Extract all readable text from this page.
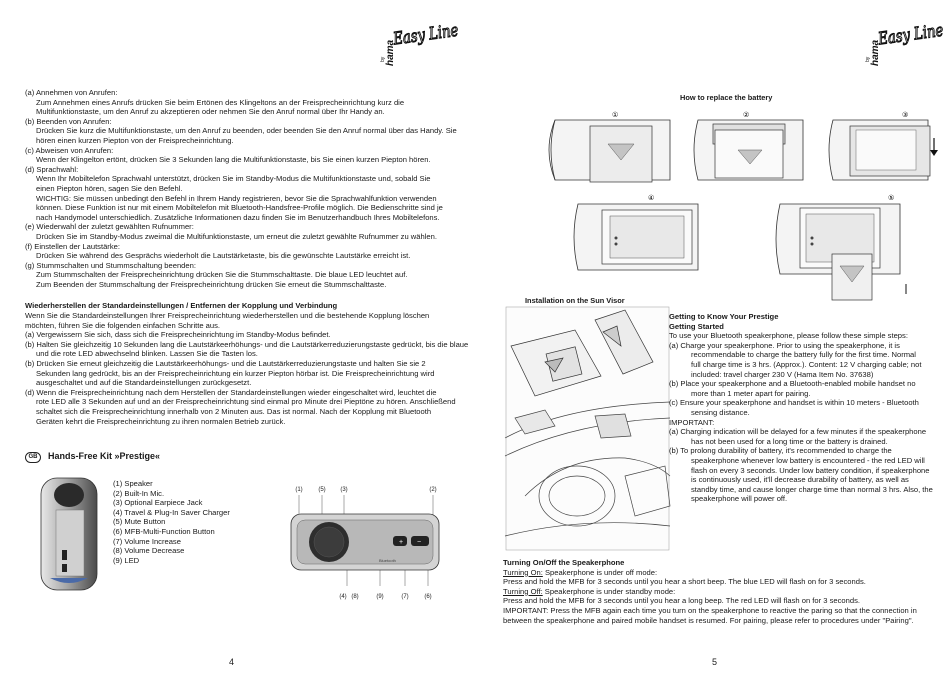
by hama
Easy Line
(a) Annehmen von Anrufen:
Zum Annehmen eines Anrufs drücken Sie beim Ertönen des Klingeltons an der Freisprecheinrichtung kurz die
Multifunktionstaste, um den Anruf zu akzeptieren oder nehmen Sie den Anruf normal über Ihr Handy an.
(b) Beenden von Anrufen:
Drücken Sie kurz die Multifunktionstaste, um den Anruf zu beenden, oder beenden Sie den Anruf normal über das Handy. Sie
hören einen kurzen Piepton von der Freisprecheinrichtung.
(c) Abweisen von Anrufen:
Wenn der Klingelton ertönt, drücken Sie 3 Sekunden lang die Multifunktionstaste, bis Sie einen kurzen Piepton hören.
(d) Sprachwahl:
Wenn Ihr Mobiltelefon Sprachwahl unterstützt, drücken Sie im Standby-Modus die Multifunktionstaste und, sobald Sie
einen Piepton hören, sagen Sie den Befehl.
WICHTIG: Sie müssen unbedingt den Befehl in Ihrem Handy registrieren, bevor Sie die Sprachwahlfunktion verwenden
können. Diese Funktion ist nur mit einem Mobiltelefon mit Bluetooth-Handsfree-Profile möglich. Die Bedienschritte sind je
nach Handymodel unterschiedlich. Zusätzliche Informationen dazu finden Sie im Benutzerhandbuch Ihres Mobiltelefons.
(e) Wiederwahl der zuletzt gewählten Rufnummer:
Drücken Sie im Standby-Modus zweimal die Multifunktionstaste, um erneut die zuletzt gewählte Rufnummer zu wählen.
(f) Einstellen der Lautstärke:
Drücken Sie während des Gesprächs wiederholt die Lautstärketaste, bis die gewünschte Lautstärke erreicht ist.
(g) Stummschalten und Stummschaltung beenden:
Zum Stummschalten der Freisprecheinrichtung drücken Sie die Stummschalttaste. Die blaue LED leuchtet auf.
Zum Beenden der Stummschaltung der Freisprecheinrichtung drücken Sie erneut die Stummschalttaste.
Wiederherstellen der Standardeinstellungen / Entfernen der Kopplung und Verbindung
Wenn Sie die Standardeinstellungen Ihrer Freisprecheinrichtung wiederherstellen und die bestehende Kopplung löschen
möchten, führen Sie die folgenden einfachen Schritte aus.
(a) Vergewissern Sie sich, dass sich die Freisprecheinrichtung im Standby-Modus befindet.
(b) Halten Sie gleichzeitig 10 Sekunden lang die Lautstärkeerhöhungs- und die Lautstärkerreduzierungstaste gedrückt, bis die blaue
und die rote LED abwechselnd blinken. Lassen Sie die Tasten los.
(b) Drücken Sie erneut gleichzeitig die Lautstärkeerhöhungs- und die Lautstärkerreduzierungstaste und halten Sie sie 2
Sekunden lang gedrückt, bis an der Freisprecheinrichtung ein kurzer Piepton hörbar ist. Die Freisprecheinrichtung wird
ausgeschaltet und auf die Standardeinstellungen zurückgesetzt.
(d) Wenn die Freisprecheinrichtung nach dem Herstellen der Standardeinstellungen wieder eingeschaltet wird, leuchtet die
rote LED alle 3 Sekunden auf und an der Freisprecheinrichtung sind einmal pro Minute drei Pieptöne zu hören. Anschließend
schaltet sich die Freisprecheinrichtung innerhalb von 2 Minuten aus. Das ist normal. Nach der Kopplung mit Bluetooth
Geräten kehrt die Freisprecheinrichtung zu ihren normalen Betrieb zurück.
GB	Hands-Free Kit »Prestige«
(1) Speaker
(2) Built-In Mic.
(3) Optional Earpiece Jack
(4) Travel & Plug-In Saver Charger
(5) Mute Button
(6) MFB-Multi-Function Button
(7) Volume Increase
(8) Volume Decrease
(9) LED
(1)	(5) (3)	(2)
+ −
Bluetooth
(4) (8)	(9)	(7)	(6)
4
by hama
Easy Line
How to replace the battery
①	②	③
④	⑤
Installation on the Sun Visor
Getting to Know Your Prestige
Getting Started
To use your Bluetooth speakerphone, please follow these simple steps:
(a) Charge your speakerphone. Prior to using the speakerphone, it is
recommendable to charge the battery fully for the first time. Normal
full charge time is 3 hrs. (Approx.). Content: 12 V charging cable; not
included: travel charger 230 V (Hama Item No. 37638)
(b) Place your speakerphone and a Bluetooth-enabled mobile handset no
more than 1 meter apart for pairing.
(c) Ensure your speakerphone and handset is within 10 meters - Bluetooth
sensing distance.
IMPORTANT:
(a) Charging indication will be delayed for a few minutes if the speakerphone
has not been used for a long time or the battery is drained.
(b) To prolong durability of battery, it's recommended to charge the
speakerphone whenever low battery is encountered - the red LED will
flash on every 3 seconds. Under low battery condition, if speakerphone
is continuously used, it'll decrease durability of battery, as well as
standby time, and cause longer charge time than normal 3 hrs. Also, the
speakerphone will power off.
Turning On/Off the Speakerphone
Turning On: Speakerphone is under off mode:
Press and hold the MFB for 3 seconds until you hear a short beep. The blue LED will flash on for 3 seconds.
Turning Off: Speakerphone is under standby mode:
Press and hold the MFB for 3 seconds until you hear a long beep. The red LED will flash on for 3 seconds.
IMPORTANT: Press the MFB again each time you turn on the speakerphone to reactive the paring so that the connection in
between the speakerphone and paired mobile handset is resumed. For pairing, please refer to procedures under "Pairing".
5
